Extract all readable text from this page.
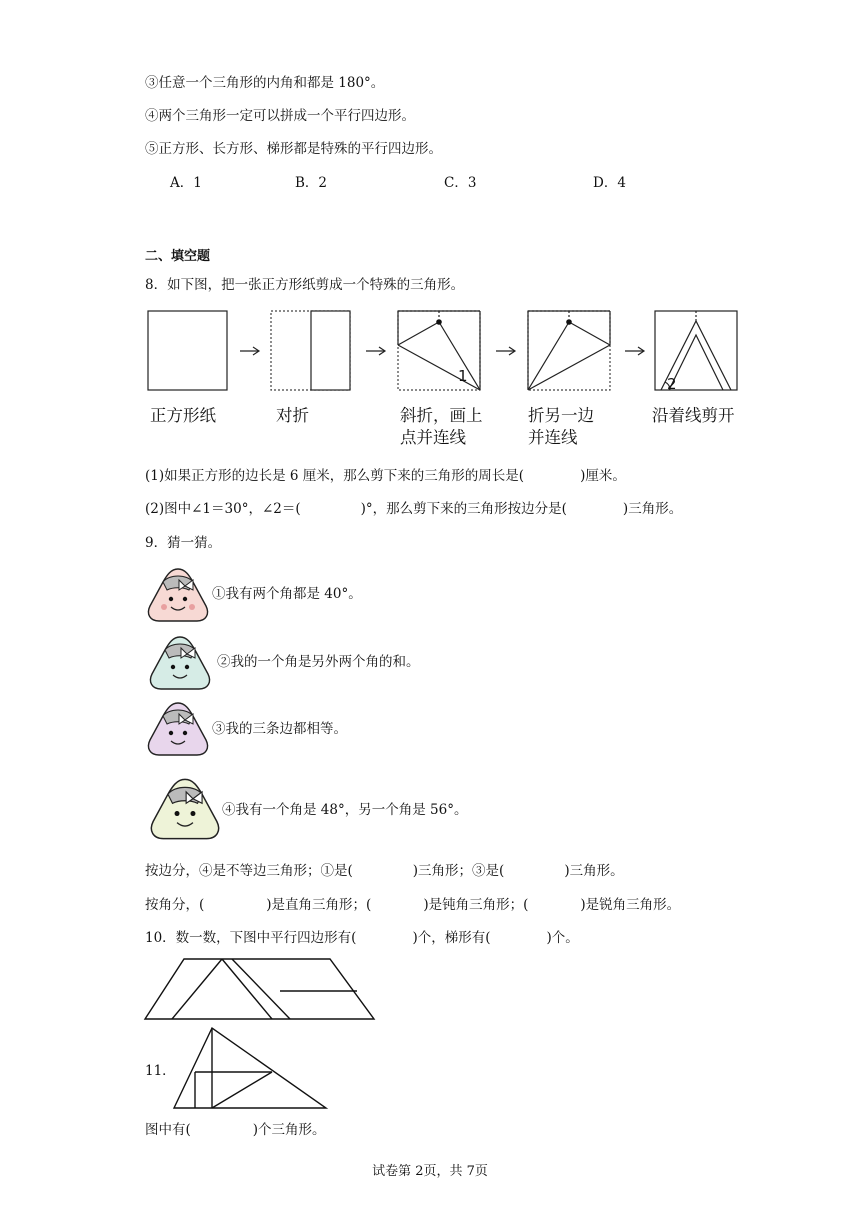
③任意一个三角形的内角和都是 180°。
④两个三角形一定可以拼成一个平行四边形。
⑤正方形、长方形、梯形都是特殊的平行四边形。
A．1	B．2	C．3	D．4
二、填空题
8．如下图，把一张正方形纸剪成一个特殊的三角形。
1	2
正方形纸	对折	斜折，画上
点并连线
折另一边
并连线
沿着线剪开
(1)如果正方形的边长是 6 厘米，那么剪下来的三角形的周长是(	)厘米。
(2)图中∠1＝30°，∠2＝(	)°，那么剪下来的三角形按边分是(	)三角形。
9．猜一猜。
①我有两个角都是 40°。
②我的一个角是另外两个角的和。
③我的三条边都相等。
④我有一个角是 48°，另一个角是 56°。
按边分，④是不等边三角形；①是(	)三角形；③是(	)三角形。
按角分，(	)是直角三角形；(	)是钝角三角形；(	)是锐角三角形。
10．数一数，下图中平行四边形有(	)个，梯形有(	)个。
11．
图中有(	)个三角形。
试卷第 2页，共 7页
